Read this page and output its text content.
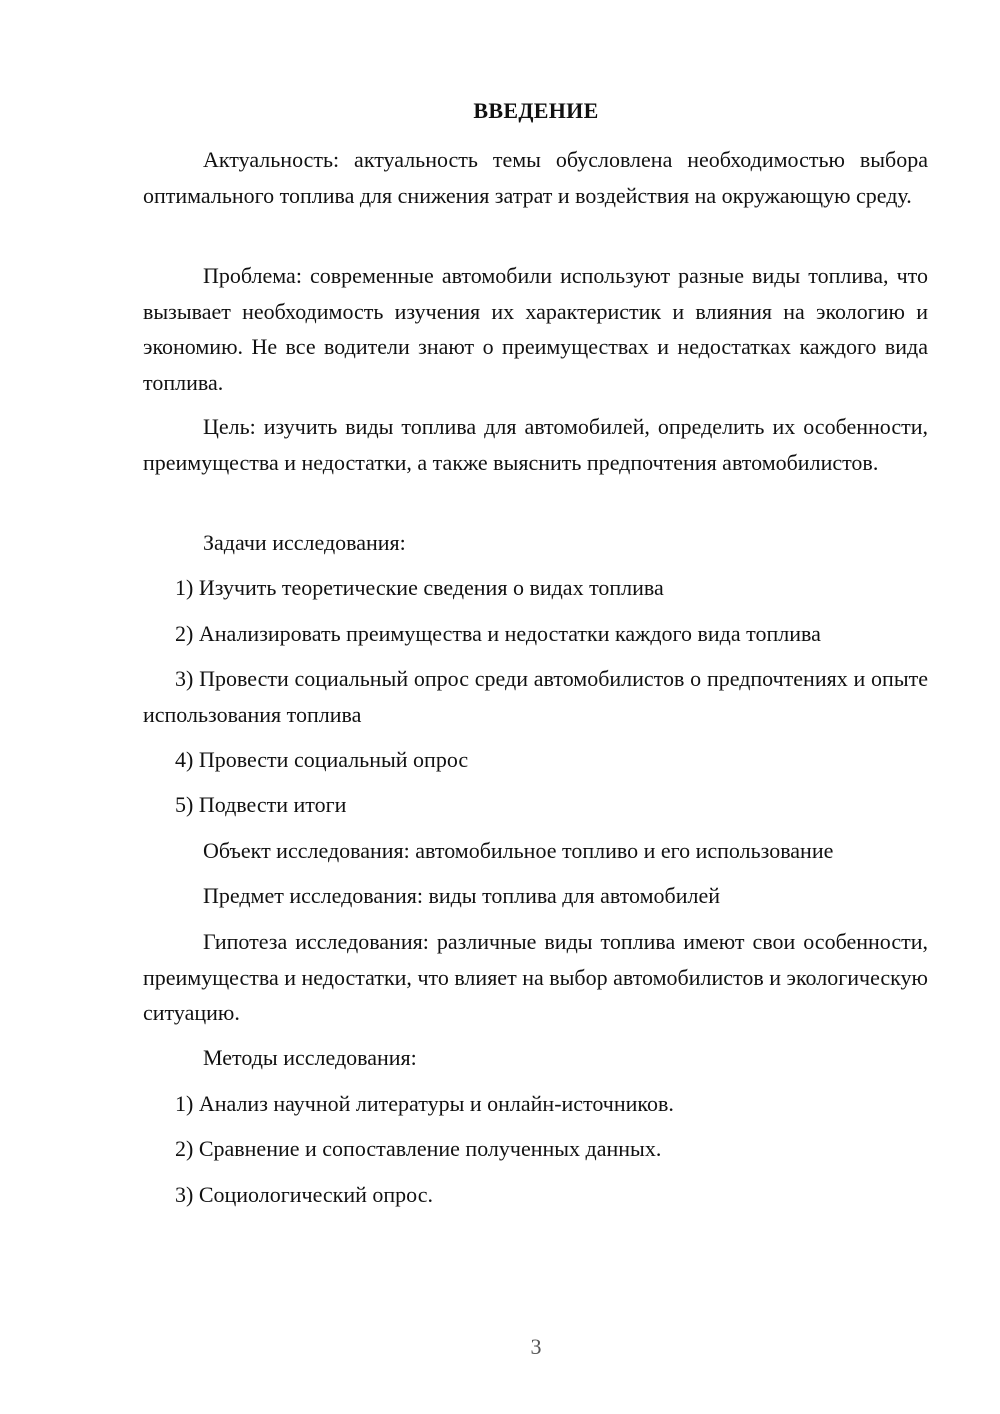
ВВЕДЕНИЕ

Актуальность: актуальность темы обусловлена необходимостью выбора оптимального топлива для снижения затрат и воздействия на окружающую среду.

Проблема: современные автомобили используют разные виды топлива, что вызывает необходимость изучения их характеристик и влияния на экологию и экономию. Не все водители знают о преимуществах и недостатках каждого вида топлива.

Цель: изучить виды топлива для автомобилей, определить их особенности, преимущества и недостатки, а также выяснить предпочтения автомобилистов.

Задачи исследования:

1) Изучить теоретические сведения о видах топлива

2) Анализировать преимущества и недостатки каждого вида топлива

3) Провести социальный опрос среди автомобилистов о предпочтениях и опыте использования топлива

4) Провести социальный опрос

5) Подвести итоги

Объект исследования: автомобильное топливо и его использование

Предмет исследования: виды топлива для автомобилей

Гипотеза исследования: различные виды топлива имеют свои особенности, преимущества и недостатки, что влияет на выбор автомобилистов и экологическую ситуацию.

Методы исследования:

1) Анализ научной литературы и онлайн-источников.

2) Сравнение и сопоставление полученных данных.

3) Социологический опрос.

3
